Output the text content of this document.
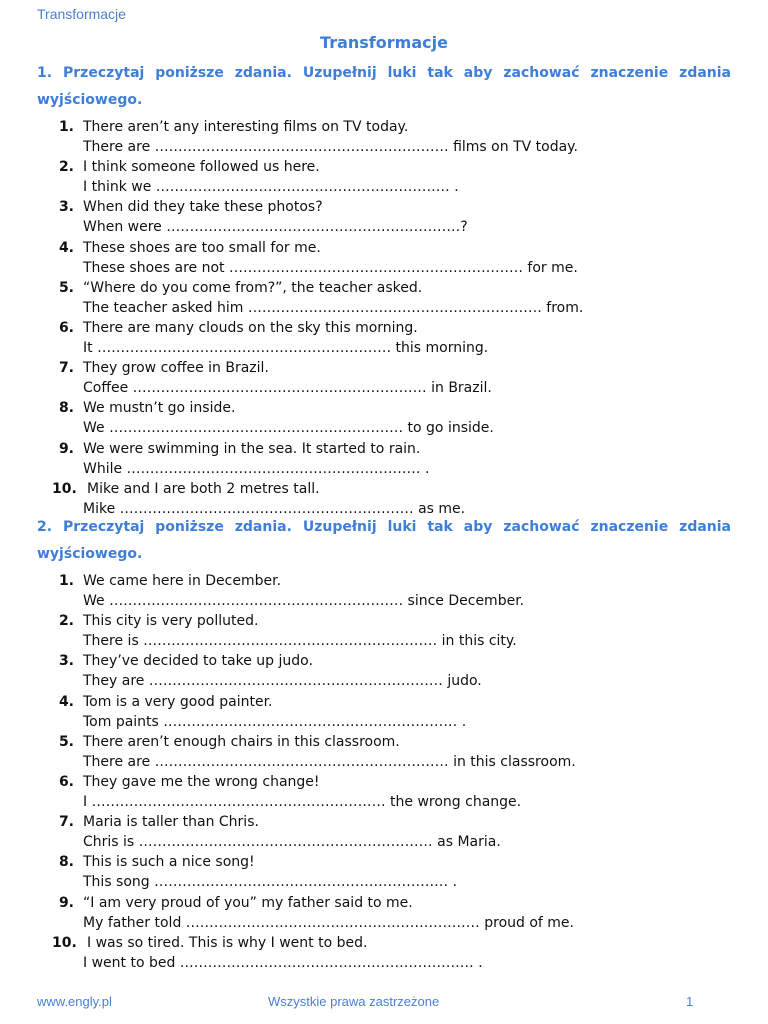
Transformacje
Transformacje
1. Przeczytaj poniższe zdania. Uzupełnij luki tak aby zachować znaczenie zdania wyjściowego.
1. There aren’t any interesting films on TV today.
There are ……………………………………………………… films on TV today.
2. I think someone followed us here.
I think we ……………………………………………………… .
3. When did they take these photos?
When were ………………………………………………………?
4. These shoes are too small for me.
These shoes are not ……………………………………………………… for me.
5. “Where do you come from?”, the teacher asked.
The teacher asked him ……………………………………………………… from.
6. There are many clouds on the sky this morning.
It ……………………………………………………… this morning.
7. They grow coffee in Brazil.
Coffee ……………………………………………………… in Brazil.
8. We mustn’t go inside.
We ……………………………………………………… to go inside.
9. We were swimming in the sea. It started to rain.
While ……………………………………………………… .
10. Mike and I are both 2 metres tall.
Mike ……………………………………………………… as me.
2. Przeczytaj poniższe zdania. Uzupełnij luki tak aby zachować znaczenie zdania wyjściowego.
1. We came here in December.
We ……………………………………………………… since December.
2. This city is very polluted.
There is ……………………………………………………… in this city.
3. They’ve decided to take up judo.
They are ……………………………………………………… judo.
4. Tom is a very good painter.
Tom paints ……………………………………………………… .
5. There aren’t enough chairs in this classroom.
There are ……………………………………………………… in this classroom.
6. They gave me the wrong change!
I ……………………………………………………… the wrong change.
7. Maria is taller than Chris.
Chris is ……………………………………………………… as Maria.
8. This is such a nice song!
This song ……………………………………………………… .
9. “I am very proud of you” my father said to me.
My father told ……………………………………………………… proud of me.
10. I was so tired. This is why I went to bed.
I went to bed ……………………………………………………… .
www.engly.pl	Wszystkie prawa zastrzeżone	1
